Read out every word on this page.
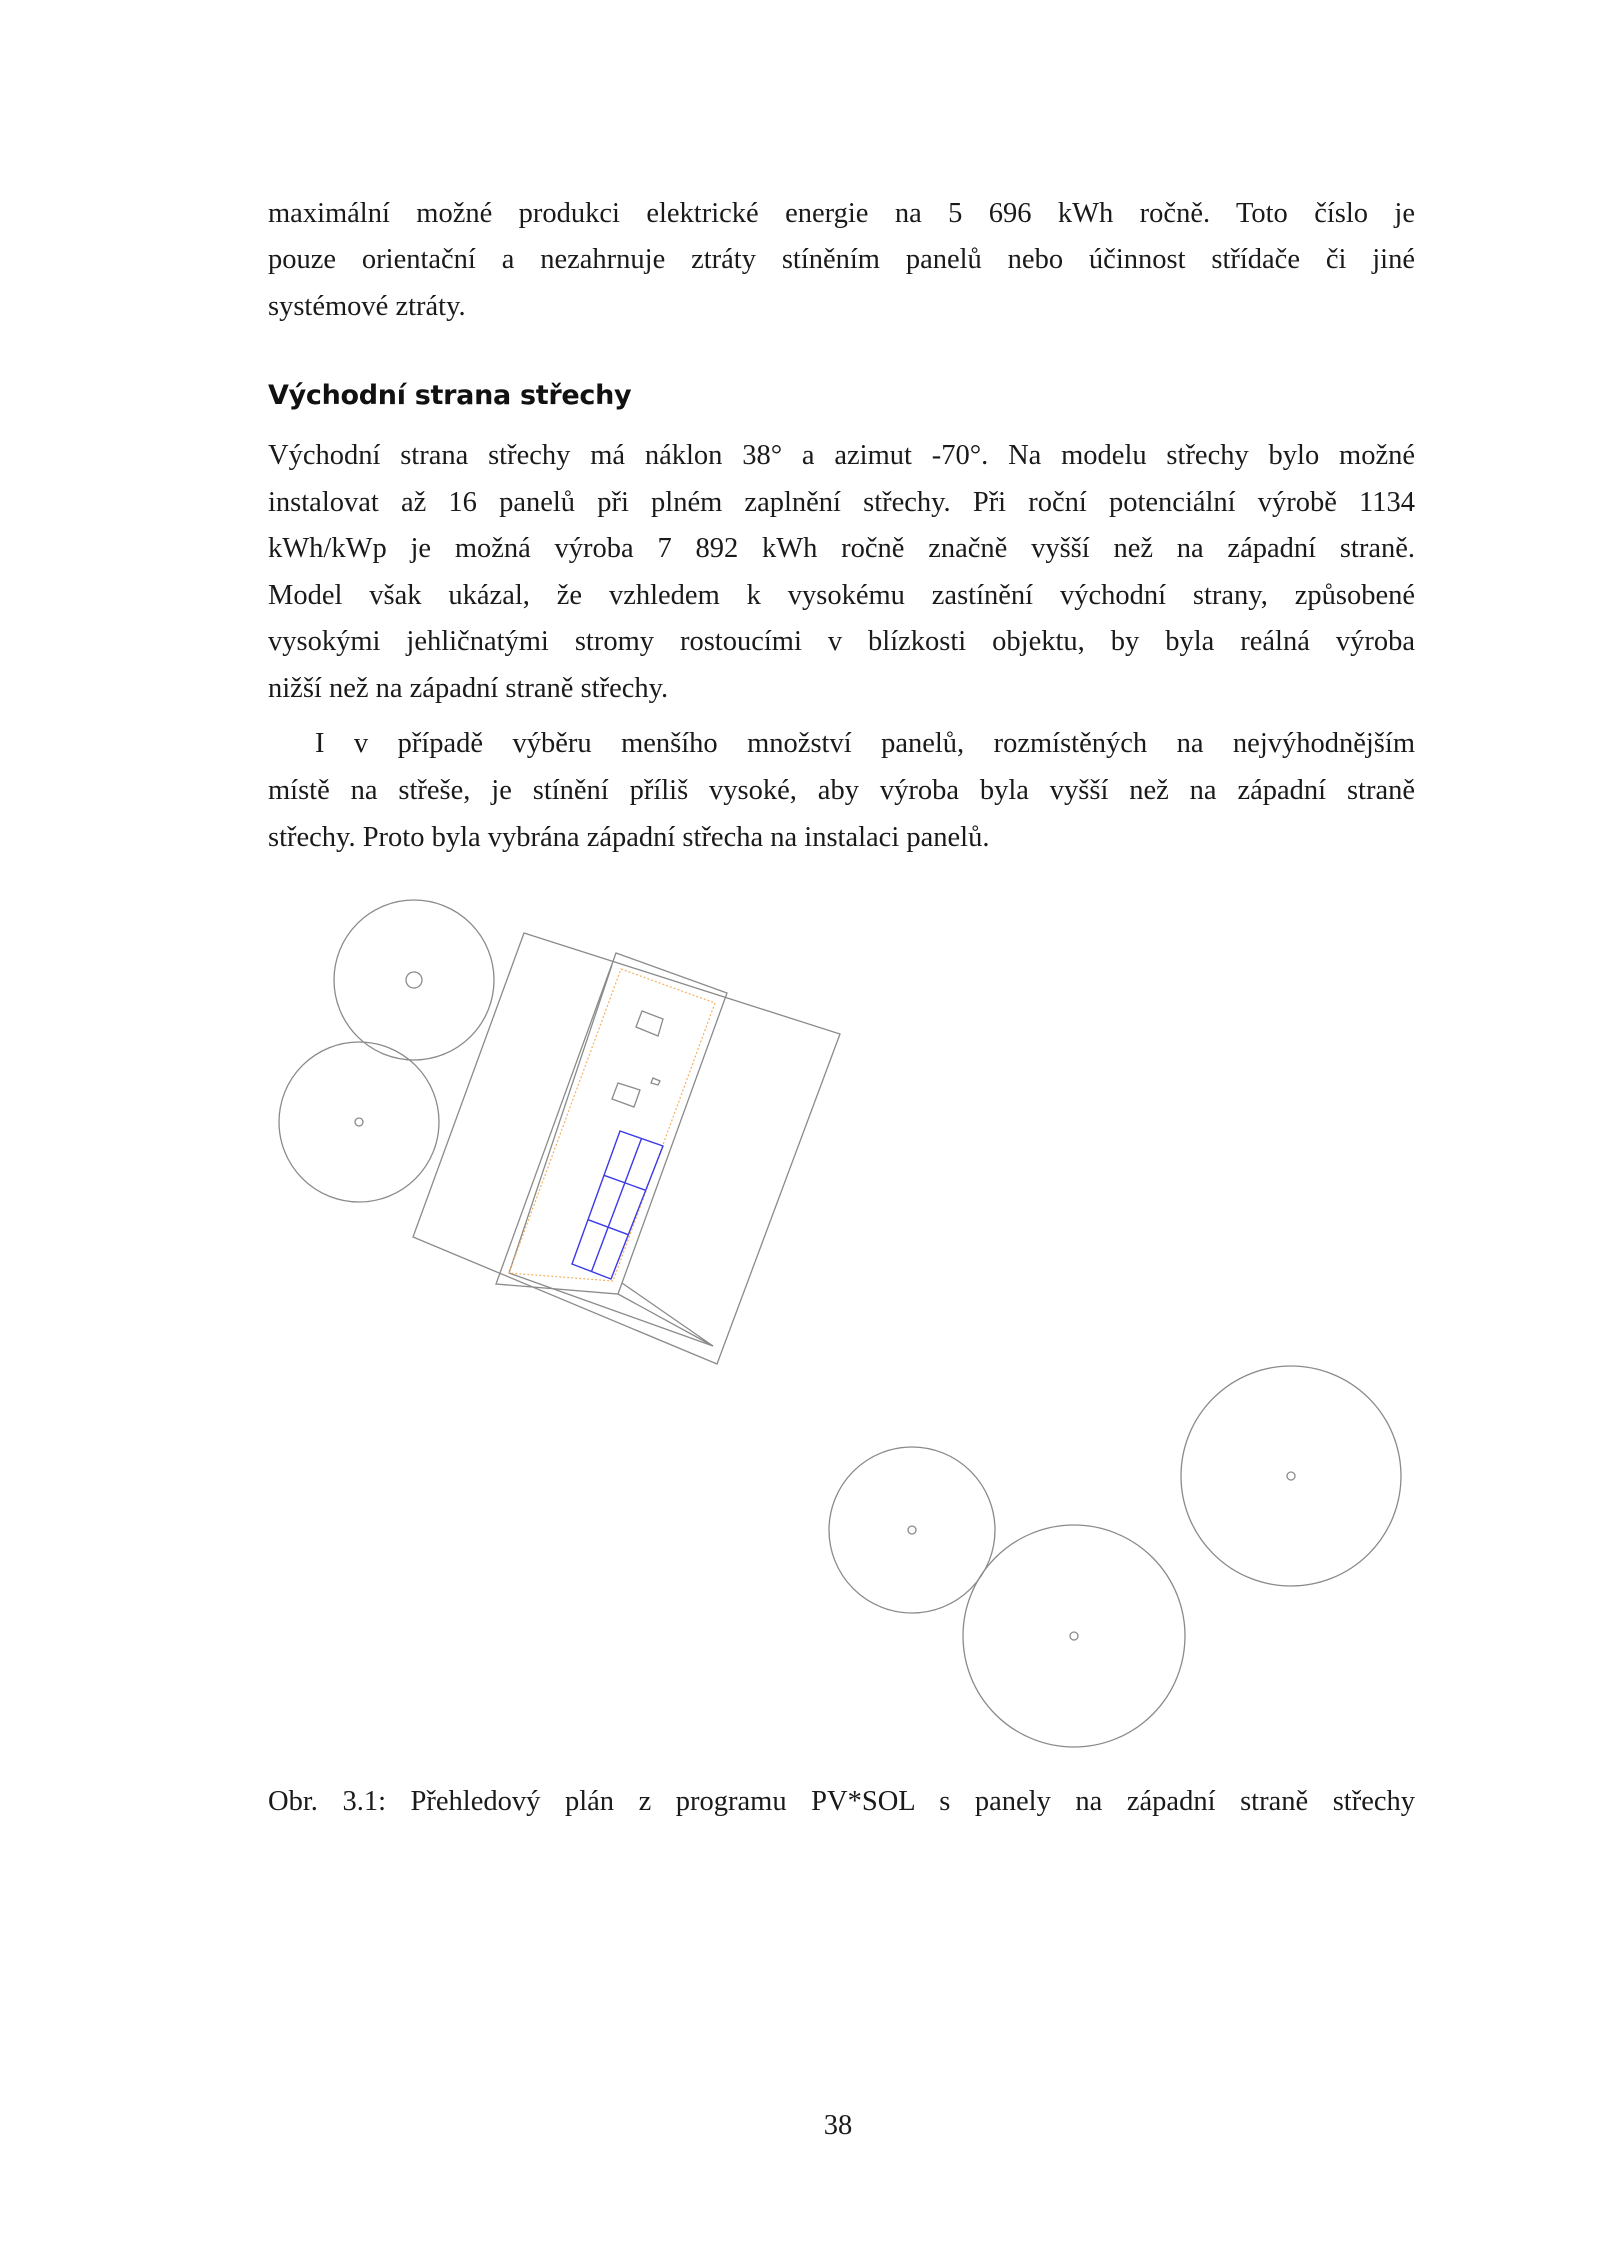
maximální možné produkci elektrické energie na 5 696 kWh ročně. Toto číslo je
pouze orientační a nezahrnuje ztráty stíněním panelů nebo účinnost střídače či jiné
systémové ztráty.
Východní strana střechy
Východní strana střechy má náklon 38° a azimut -70°. Na modelu střechy bylo možné
instalovat až 16 panelů při plném zaplnění střechy. Při roční potenciální výrobě 1134
kWh/kWp je možná výroba 7 892 kWh ročně značně vyšší než na západní straně.
Model však ukázal, že vzhledem k vysokému zastínění východní strany, způsobené
vysokými jehličnatými stromy rostoucími v blízkosti objektu, by byla reálná výroba
nižší než na západní straně střechy.
I v případě výběru menšího množství panelů, rozmístěných na nejvýhodnějším
místě na střeše, je stínění příliš vysoké, aby výroba byla vyšší než na západní straně
střechy. Proto byla vybrána západní střecha na instalaci panelů.
Obr. 3.1: Přehledový plán z programu PV*SOL s panely na západní straně střechy
38
